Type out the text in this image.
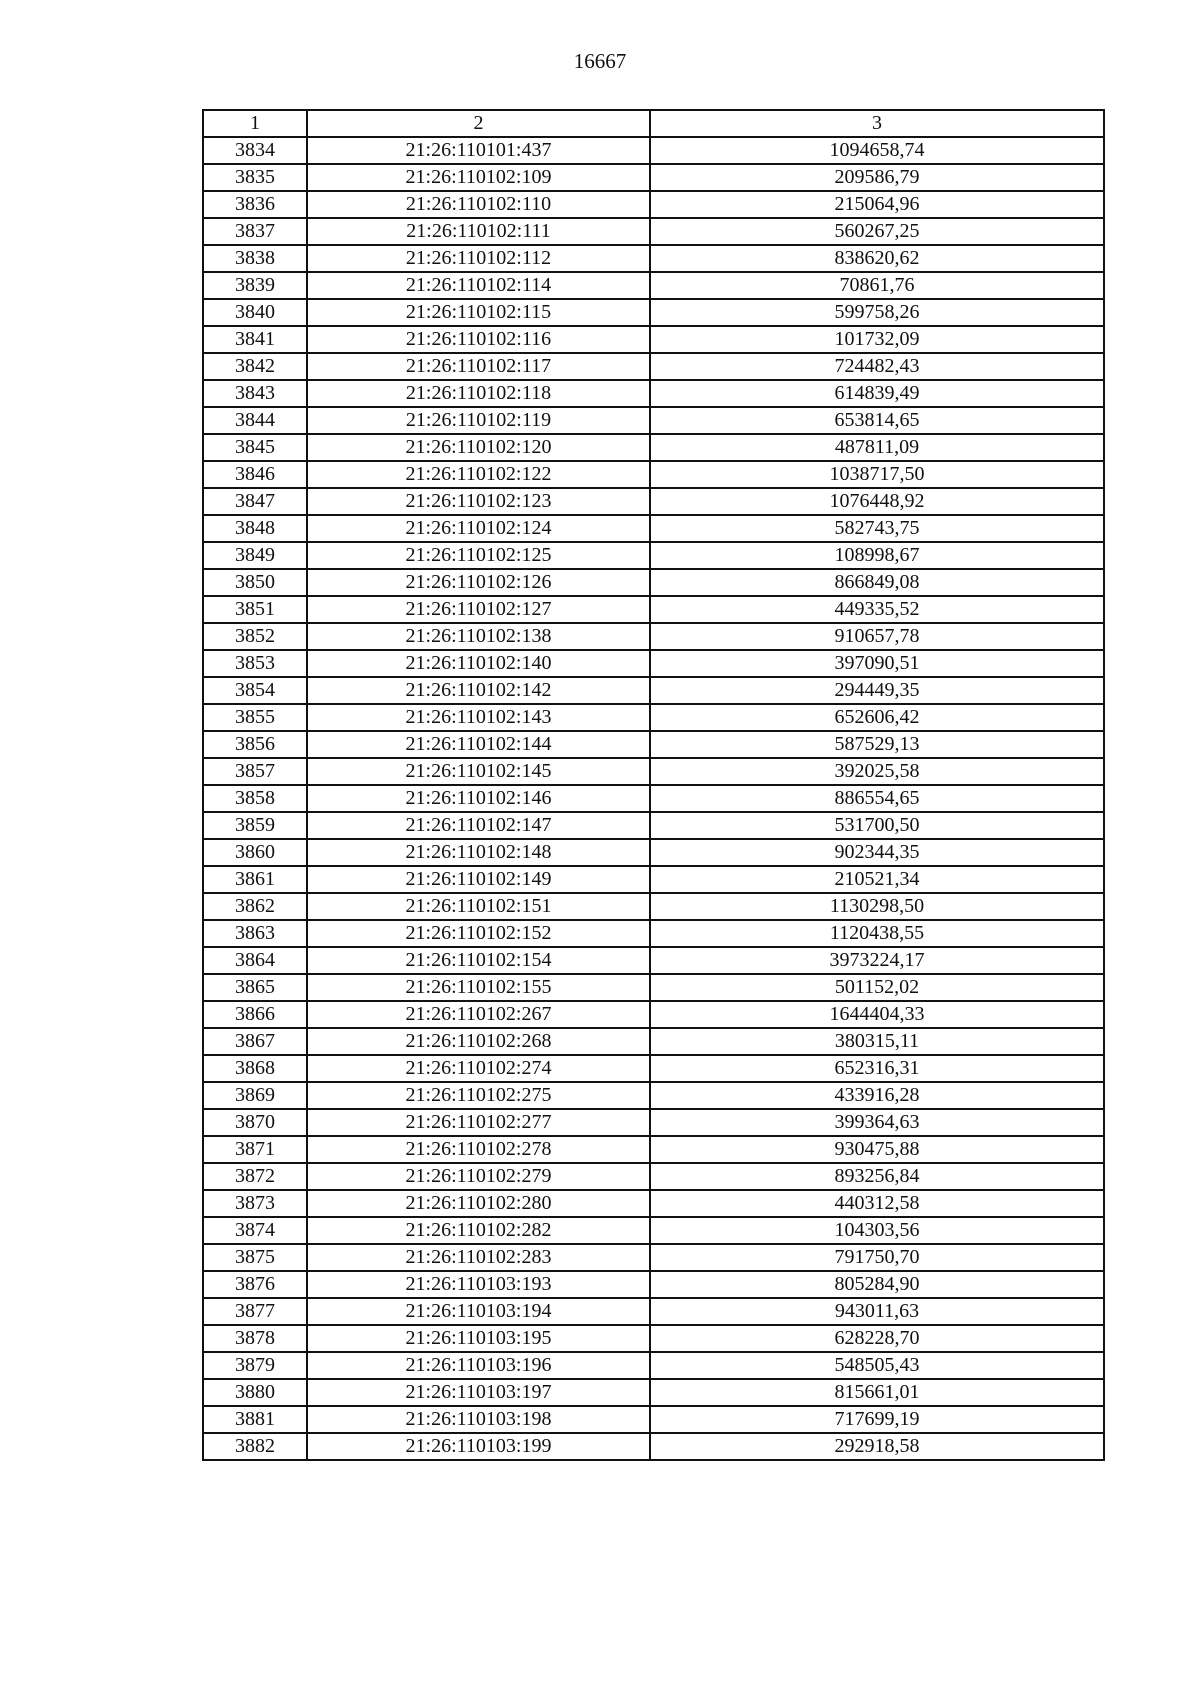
16667
1	2	3
3834	21:26:110101:437	1094658,74
3835	21:26:110102:109	209586,79
3836	21:26:110102:110	215064,96
3837	21:26:110102:111	560267,25
3838	21:26:110102:112	838620,62
3839	21:26:110102:114	70861,76
3840	21:26:110102:115	599758,26
3841	21:26:110102:116	101732,09
3842	21:26:110102:117	724482,43
3843	21:26:110102:118	614839,49
3844	21:26:110102:119	653814,65
3845	21:26:110102:120	487811,09
3846	21:26:110102:122	1038717,50
3847	21:26:110102:123	1076448,92
3848	21:26:110102:124	582743,75
3849	21:26:110102:125	108998,67
3850	21:26:110102:126	866849,08
3851	21:26:110102:127	449335,52
3852	21:26:110102:138	910657,78
3853	21:26:110102:140	397090,51
3854	21:26:110102:142	294449,35
3855	21:26:110102:143	652606,42
3856	21:26:110102:144	587529,13
3857	21:26:110102:145	392025,58
3858	21:26:110102:146	886554,65
3859	21:26:110102:147	531700,50
3860	21:26:110102:148	902344,35
3861	21:26:110102:149	210521,34
3862	21:26:110102:151	1130298,50
3863	21:26:110102:152	1120438,55
3864	21:26:110102:154	3973224,17
3865	21:26:110102:155	501152,02
3866	21:26:110102:267	1644404,33
3867	21:26:110102:268	380315,11
3868	21:26:110102:274	652316,31
3869	21:26:110102:275	433916,28
3870	21:26:110102:277	399364,63
3871	21:26:110102:278	930475,88
3872	21:26:110102:279	893256,84
3873	21:26:110102:280	440312,58
3874	21:26:110102:282	104303,56
3875	21:26:110102:283	791750,70
3876	21:26:110103:193	805284,90
3877	21:26:110103:194	943011,63
3878	21:26:110103:195	628228,70
3879	21:26:110103:196	548505,43
3880	21:26:110103:197	815661,01
3881	21:26:110103:198	717699,19
3882	21:26:110103:199	292918,58
